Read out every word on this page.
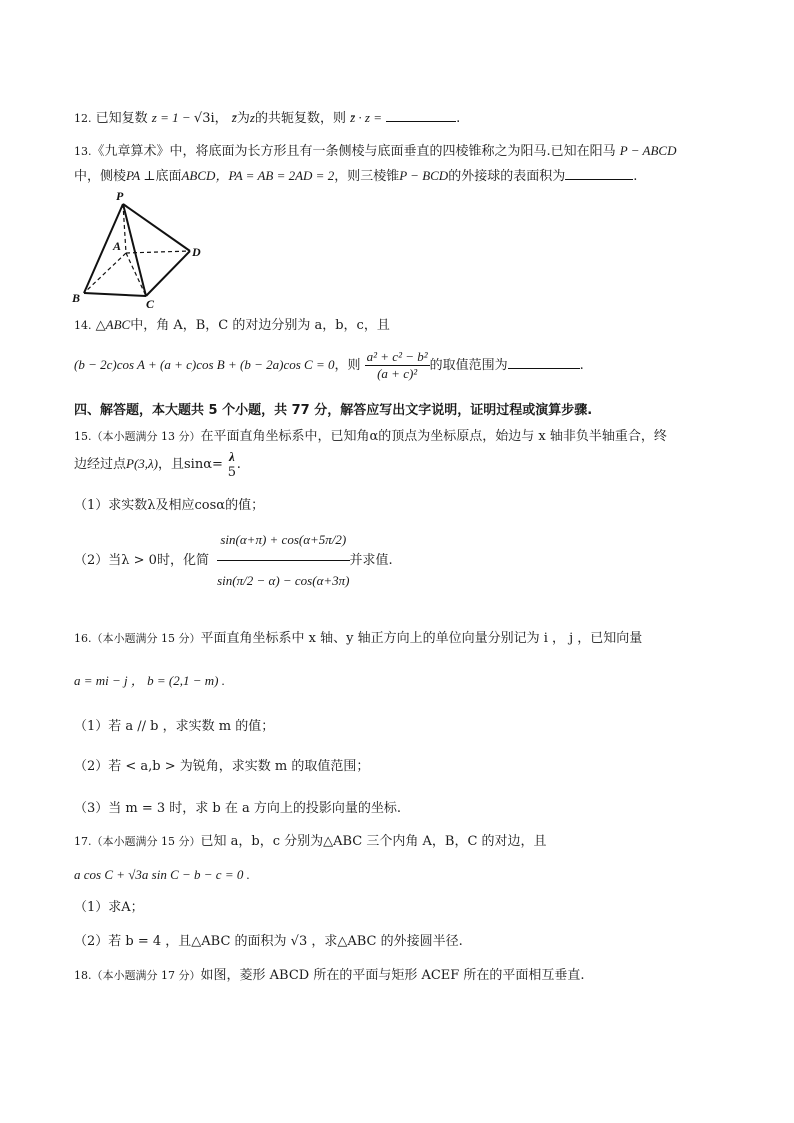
12. 已知复数 z = 1 − √3i， z̄为z的共轭复数，则 z̄ · z =	.
13.《九章算术》中，将底面为长方形且有一条侧棱与底面垂直的四棱锥称之为阳马.已知在阳马 P − ABCD
中，侧棱PA ⊥底面ABCD，PA = AB = 2AD = 2，则三棱锥P − BCD的外接球的表面积为	.
P
A	D
B	C
14. △ABC中，角 A，B，C 的对边分别为 a，b，c，且
(b − 2c)cos A + (a + c)cos B + (b − 2a)cos C = 0，则 $\frac{\text{a² + c² − b²}}{\text{(a + c)²}}$ 的取值范围为	.
四、解答题，本大题共 5 个小题，共 77 分，解答应写出文字说明，证明过程或演算步骤.
15.（本小题满分 13 分）在平面直角坐标系中，已知角α的顶点为坐标原点，始边与 x 轴非负半轴重合，终
边经过点P(3,λ)，且sinα=
λ
5 .
（1）求实数λ及相应cosα的值；
（2）当λ > 0时，化简 $\frac{\sin(\alpha+\pi) + \cos(\alpha+5\pi/2)}{\sin(\pi/2 - \alpha) - \cos(\alpha+3\pi)}$ 并求值.
16.（本小题满分 15 分）平面直角坐标系中 x 轴、y 轴正方向上的单位向量分别记为 i ， j ，已知向量
a = mi − j ， b = (2,1 − m) .
（1）若 a // b ，求实数 m 的值；
（2）若 < a,b > 为锐角，求实数 m 的取值范围；
（3）当 m = 3 时，求 b 在 a 方向上的投影向量的坐标.
17.（本小题满分 15 分）已知 a，b，c 分别为△ABC 三个内角 A，B，C 的对边，且
a cos C + √3a sin C − b − c = 0 .
（1）求A；
（2）若 b = 4 ，且△ABC 的面积为 √3 ，求△ABC 的外接圆半径.
18.（本小题满分 17 分）如图，菱形 ABCD 所在的平面与矩形 ACEF 所在的平面相互垂直.
